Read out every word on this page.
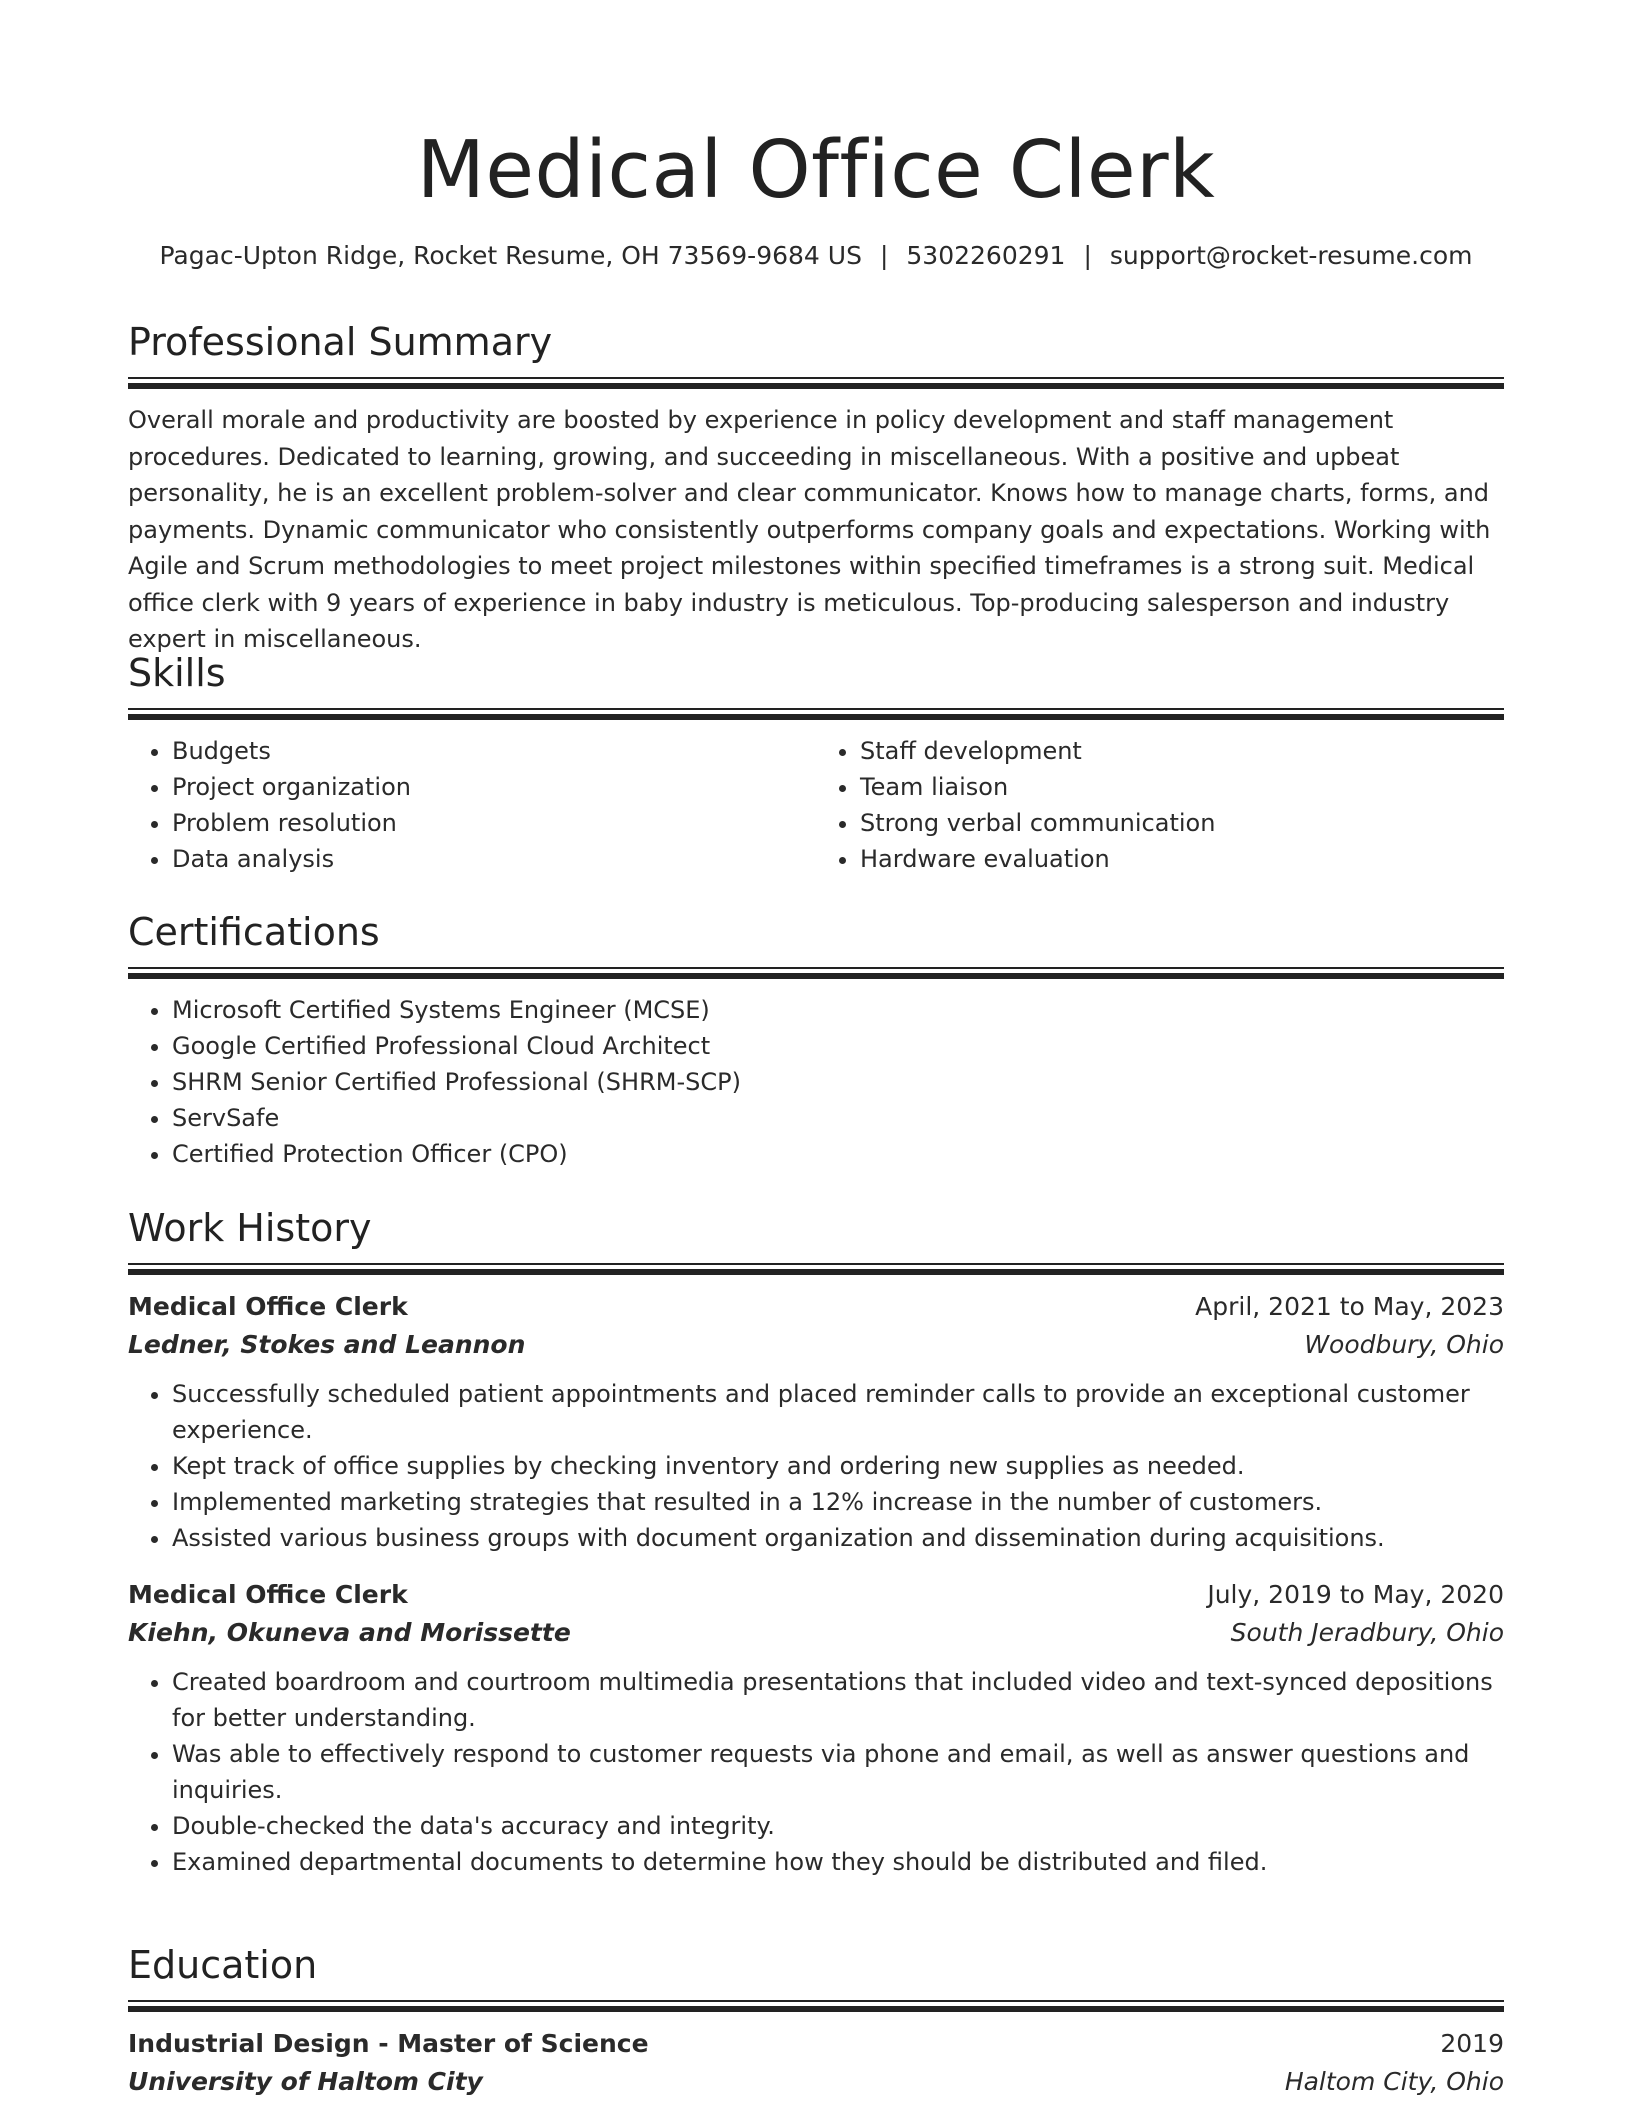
Medical Office Clerk
Pagac-Upton Ridge, Rocket Resume, OH 73569-9684 US | 5302260291 | support@rocket-resume.com
Professional Summary

Overall morale and productivity are boosted by experience in policy development and staff management procedures. Dedicated to learning, growing, and succeeding in miscellaneous. With a positive and upbeat personality, he is an excellent problem-solver and clear communicator. Knows how to manage charts, forms, and payments. Dynamic communicator who consistently outperforms company goals and expectations. Working with Agile and Scrum methodologies to meet project milestones within specified timeframes is a strong suit. Medical office clerk with 9 years of experience in baby industry is meticulous. Top-producing salesperson and industry expert in miscellaneous.

Skills
• Budgets
• Project organization
• Problem resolution
• Data analysis
• Staff development
• Team liaison
• Strong verbal communication
• Hardware evaluation
Certifications
• Microsoft Certified Systems Engineer (MCSE)
• Google Certified Professional Cloud Architect
• SHRM Senior Certified Professional (SHRM-SCP)
• ServSafe
• Certified Protection Officer (CPO)
Work History
Medical Office Clerk	April, 2021 to May, 2023
Ledner, Stokes and Leannon	Woodbury, Ohio
• Successfully scheduled patient appointments and placed reminder calls to provide an exceptional customer experience.
• Kept track of office supplies by checking inventory and ordering new supplies as needed.
• Implemented marketing strategies that resulted in a 12% increase in the number of customers.
• Assisted various business groups with document organization and dissemination during acquisitions.
Medical Office Clerk	July, 2019 to May, 2020
Kiehn, Okuneva and Morissette	South Jeradbury, Ohio
• Created boardroom and courtroom multimedia presentations that included video and text-synced depositions for better understanding.
• Was able to effectively respond to customer requests via phone and email, as well as answer questions and inquiries.
• Double-checked the data's accuracy and integrity.
• Examined departmental documents to determine how they should be distributed and filed.
Education
Industrial Design - Master of Science	2019
University of Haltom City	Haltom City, Ohio
